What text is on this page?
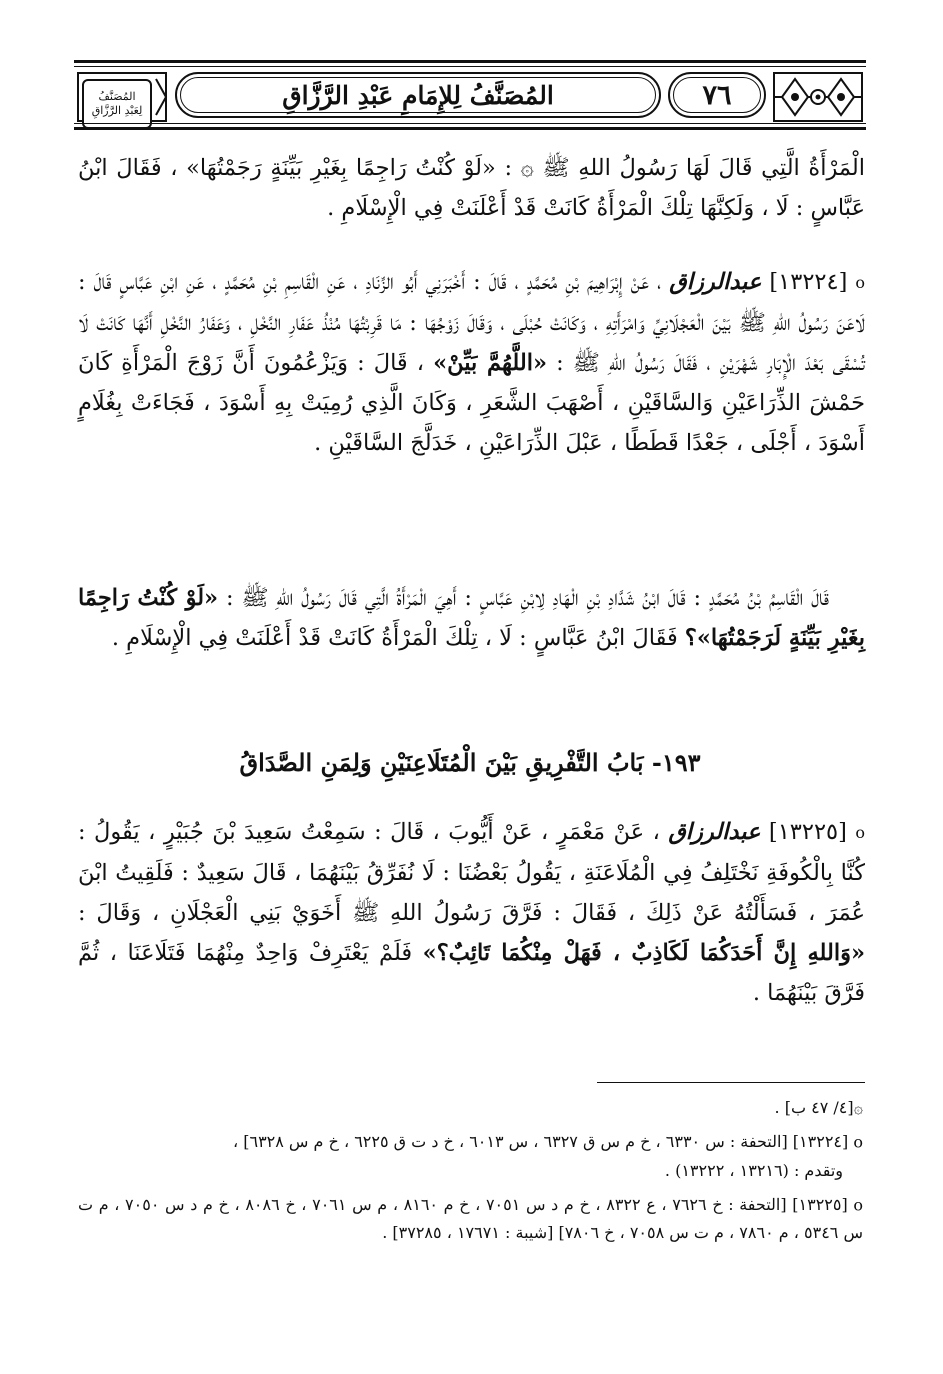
٧٦
المُصَنَّفُ لِلإِمَامِ عَبْدِ الرَّزَّاقِ
المُصَنَّفُ
لِعَبْدِ الرَّزَّاقِ

الْمَرْأَةُ الَّتِي قَالَ لَهَا رَسُولُ اللهِ ﷺ ۞ : «لَوْ كُنْتُ رَاجِمًا بِغَيْرِ بَيِّنَةٍ رَجَمْتُهَا» ، فَقَالَ ابْنُ عَبَّاسٍ : لَا ، وَلَكِنَّهَا تِلْكَ الْمَرْأَةُ كَانَتْ قَدْ أَعْلَنَتْ فِي الْإِسْلَامِ .

o [١٣٢٢٤] عبدالرزاق ، عَنْ إِبْرَاهِيمَ بْنِ مُحَمَّدٍ ، قَالَ : أَخْبَرَنِي أَبُو الزِّنَادِ ، عَنِ الْقَاسِمِ بْنِ مُحَمَّدٍ ، عَنِ ابْنِ عَبَّاسٍ قَالَ : لَاعَنَ رَسُولُ اللهِ ﷺ بَيْنَ الْعَجْلَانِيِّ وَامْرَأَتِهِ ، وَكَانَتْ حُبْلَى ، وَقَالَ زَوْجُهَا : مَا قَرِبْتُهَا مُنْذُ عَفَارِ النَّخْلِ ، وَعَفَارُ النَّخْلِ أَنَّهَا كَانَتْ لَا تُسْقَى بَعْدَ الْإِبَارِ شَهْرَيْنِ ، فَقَالَ رَسُولُ اللهِ ﷺ : «اللَّهُمَّ بَيِّنْ» ، قَالَ : وَيَزْعُمُونَ أَنَّ زَوْجَ الْمَرْأَةِ كَانَ حَمْشَ الذِّرَاعَيْنِ وَالسَّاقَيْنِ ، أَصْهَبَ الشَّعَرِ ، وَكَانَ الَّذِي رُمِيَتْ بِهِ أَسْوَدَ ، فَجَاءَتْ بِغُلَامٍ أَسْوَدَ ، أَجْلَى ، جَعْدًا قَطَطًا ، عَبْلَ الذِّرَاعَيْنِ ، خَدَلَّجَ السَّاقَيْنِ .

قَالَ الْقَاسِمُ بْنُ مُحَمَّدٍ : قَالَ ابْنُ شَدَّادِ بْنِ الْهَادِ لِابْنِ عَبَّاسٍ : أَهِيَ الْمَرْأَةُ الَّتِي قَالَ رَسُولُ اللهِ ﷺ : «لَوْ كُنْتُ رَاجِمًا بِغَيْرِ بَيِّنَةٍ لَرَجَمْتُهَا»؟ فَقَالَ ابْنُ عَبَّاسٍ : لَا ، تِلْكَ الْمَرْأَةُ كَانَتْ قَدْ أَعْلَنَتْ فِي الْإِسْلَامِ .

١٩٣- بَابُ التَّفْرِيقِ بَيْنَ الْمُتَلَاعِنَيْنِ وَلِمَنِ الصَّدَاقُ

o [١٣٢٢٥] عبدالرزاق ، عَنْ مَعْمَرٍ ، عَنْ أَيُّوبَ ، قَالَ : سَمِعْتُ سَعِيدَ بْنَ جُبَيْرٍ ، يَقُولُ : كُنَّا بِالْكُوفَةِ نَخْتَلِفُ فِي الْمُلَاعَنَةِ ، يَقُولُ بَعْضُنَا : لَا نُفَرِّقُ بَيْنَهُمَا ، قَالَ سَعِيدٌ : فَلَقِيتُ ابْنَ عُمَرَ ، فَسَأَلْتُهُ عَنْ ذَلِكَ ، فَقَالَ : فَرَّقَ رَسُولُ اللهِ ﷺ أَخَوَيْ بَنِي الْعَجْلَانِ ، وَقَالَ : «وَاللهِ إِنَّ أَحَدَكُمَا لَكَاذِبٌ ، فَهَلْ مِنْكُمَا تَائِبٌ؟» فَلَمْ يَعْتَرِفْ وَاحِدٌ مِنْهُمَا فَتَلَاعَنَا ، ثُمَّ فَرَّقَ بَيْنَهُمَا .

۞[٤/ ٤٧ ب] .

o [١٣٢٢٤] [التحفة : س ٦٣٣٠ ، خ م س ق ٦٣٢٧ ، س ٦٠١٣ ، خ د ت ق ٦٢٢٥ ، خ م س ٦٣٢٨] ،

وتقدم : (١٣٢١٦ ، ١٣٢٢٢) .

o [١٣٢٢٥] [التحفة : خ ٧٦٢٦ ، ع ٨٣٢٢ ، خ م د س ٧٠٥١ ، خ م ٨١٦٠ ، م س ٧٠٦١ ، خ ٨٠٨٦ ، خ م د س ٧٠٥٠ ، م ت س ٥٣٤٦ ، م ٧٨٦٠ ، م ت س ٧٠٥٨ ، خ ٧٨٠٦] [شيبة : ١٧٦٧١ ، ٣٧٢٨٥] .
